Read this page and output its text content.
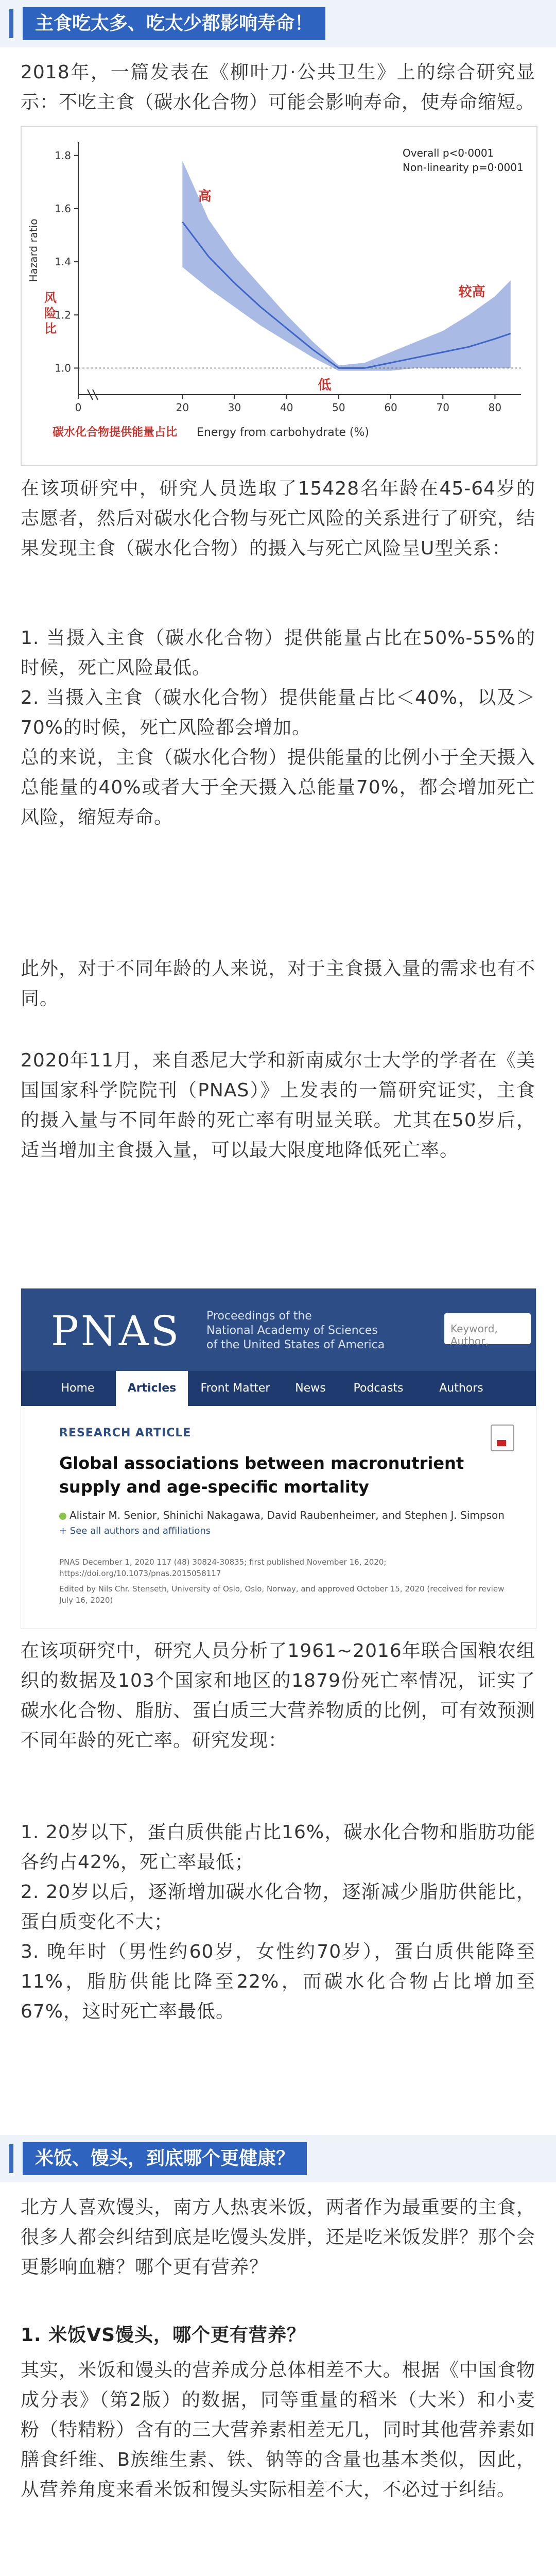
主食吃太多、吃太少都影响寿命！

2018年，一篇发表在《柳叶刀·公共卫生》上的综合研究显示：不吃主食（碳水化合物）可能会影响寿命，使寿命缩短。

1.0
1.2
1.4
1.6
1.8
0	20	30	40	50	60	70	80
Hazard ratio
风险比
碳水化合物提供能量占比 Energy from carbohydrate (%)
高
低
较高
Overall p<0·0001
Non-linearity p=0·0001

在该项研究中，研究人员选取了15428名年龄在45-64岁的志愿者，然后对碳水化合物与死亡风险的关系进行了研究，结果发现主食（碳水化合物）的摄入与死亡风险呈U型关系：

1. 当摄入主食（碳水化合物）提供能量占比在50%-55%的时候，死亡风险最低。

2. 当摄入主食（碳水化合物）提供能量占比＜40%，以及＞70%的时候，死亡风险都会增加。

总的来说，主食（碳水化合物）提供能量的比例小于全天摄入总能量的40%或者大于全天摄入总能量70%，都会增加死亡风险，缩短寿命。

此外，对于不同年龄的人来说，对于主食摄入量的需求也有不同。

2020年11月，来自悉尼大学和新南威尔士大学的学者在《美国国家科学院院刊（PNAS）》上发表的一篇研究证实，主食的摄入量与不同年龄的死亡率有明显关联。尤其在50岁后，适当增加主食摄入量，可以最大限度地降低死亡率。

PNAS Proceedings of the
National Academy of Sciences
of the United States of America
Keyword, Author,
Home	Articles	Front Matter	News	Podcasts	Authors
RESEARCH ARTICLE
Global associations between macronutrient supply and age-specific mortality
Alistair M. Senior, Shinichi Nakagawa, David Raubenheimer, and Stephen J. Simpson
+ See all authors and affiliations
PNAS December 1, 2020 117 (48) 30824-30835; first published November 16, 2020; https://doi.org/10.1073/pnas.2015058117
Edited by Nils Chr. Stenseth, University of Oslo, Oslo, Norway, and approved October 15, 2020 (received for review July 16, 2020)

在该项研究中，研究人员分析了1961~2016年联合国粮农组织的数据及103个国家和地区的1879份死亡率情况，证实了碳水化合物、脂肪、蛋白质三大营养物质的比例，可有效预测不同年龄的死亡率。研究发现：

1. 20岁以下，蛋白质供能占比16%，碳水化合物和脂肪功能各约占42%，死亡率最低；

2. 20岁以后，逐渐增加碳水化合物，逐渐减少脂肪供能比，蛋白质变化不大；

3. 晚年时（男性约60岁，女性约70岁），蛋白质供能降至11%，脂肪供能比降至22%，而碳水化合物占比增加至67%，这时死亡率最低。

米饭、馒头，到底哪个更健康？

北方人喜欢馒头，南方人热衷米饭，两者作为最重要的主食，很多人都会纠结到底是吃馒头发胖，还是吃米饭发胖？那个会更影响血糖？哪个更有营养？

1. 米饭VS馒头，哪个更有营养？

其实，米饭和馒头的营养成分总体相差不大。根据《中国食物成分表》（第2版）的数据，同等重量的稻米（大米）和小麦粉（特精粉）含有的三大营养素相差无几，同时其他营养素如膳食纤维、B族维生素、铁、钠等的含量也基本类似，因此，从营养角度来看米饭和馒头实际相差不大，不必过于纠结。
